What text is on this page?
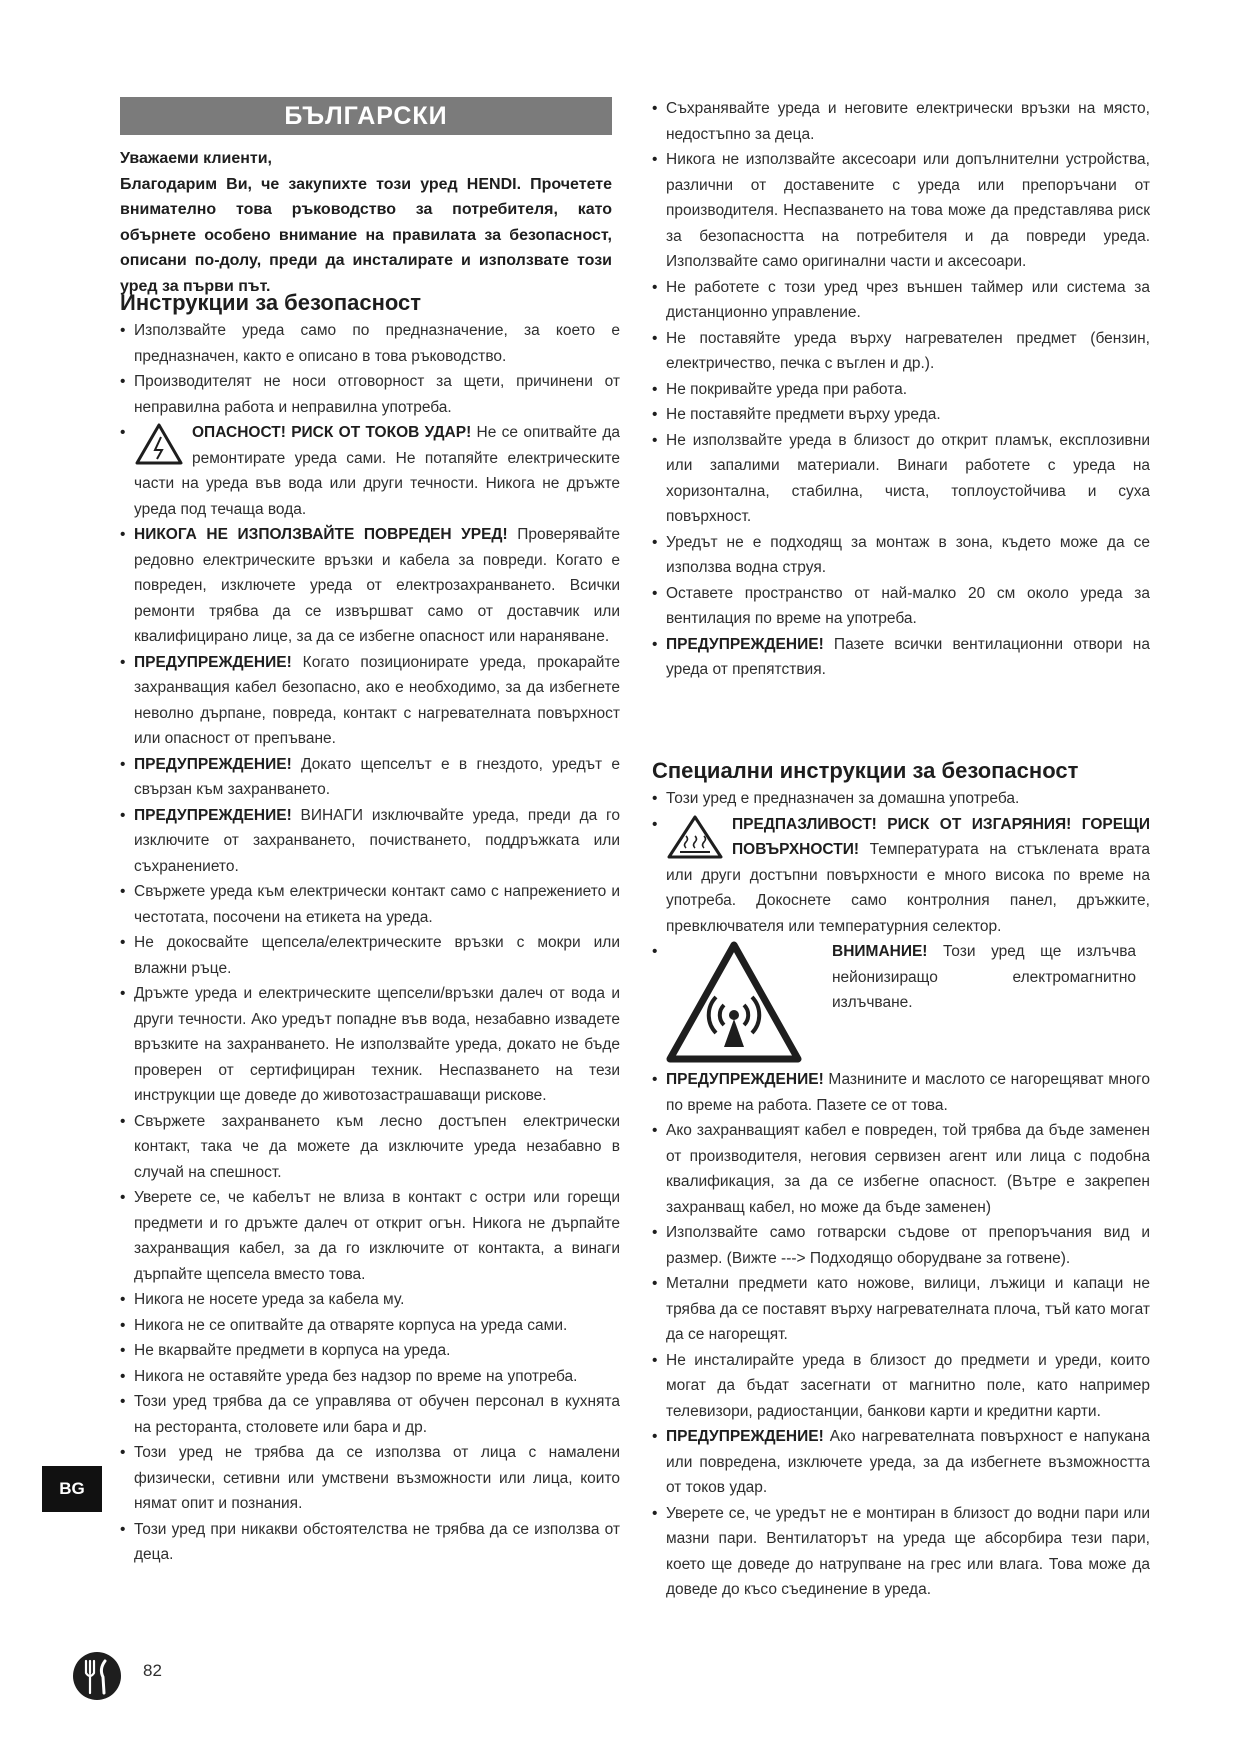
БЪЛГАРСКИ

Уважаеми клиенти,

Благодарим Ви, че закупихте този уред HENDI. Прочетете внимателно това ръководство за потребителя, като обърнете особено внимание на правилата за безопасност, описани по-долу, преди да инсталирате и използвате този уред за първи път.

Инструкции за безопасност
• Използвайте уреда само по предназначение, за което е предназначен, както е описано в това ръководство.
• Производителят не носи отговорност за щети, причинени от неправилна работа и неправилна употреба.
• ОПАСНОСТ! РИСК ОТ ТОКОВ УДАР! Не се опитвайте да ремонтирате уреда сами. Не потапяйте електрическите части на уреда във вода или други течности. Никога не дръжте уреда под течаща вода.
• НИКОГА НЕ ИЗПОЛЗВАЙТЕ ПОВРЕДЕН УРЕД! Проверявайте редовно електрическите връзки и кабела за повреди. Когато е повреден, изключете уреда от електрозахранването. Всички ремонти трябва да се извършват само от доставчик или квалифицирано лице, за да се избегне опасност или нараняване.
• ПРЕДУПРЕЖДЕНИЕ! Когато позиционирате уреда, прокарайте захранващия кабел безопасно, ако е необходимо, за да избегнете неволно дърпане, повреда, контакт с нагревателната повърхност или опасност от препъване.
• ПРЕДУПРЕЖДЕНИЕ! Докато щепселът е в гнездото, уредът е свързан към захранването.
• ПРЕДУПРЕЖДЕНИЕ! ВИНАГИ изключвайте уреда, преди да го изключите от захранването, почистването, поддръжката или съхранението.
• Свържете уреда към електрически контакт само с напрежението и честотата, посочени на етикета на уреда.
• Не докосвайте щепсела/електрическите връзки с мокри или влажни ръце.
• Дръжте уреда и електрическите щепсели/връзки далеч от вода и други течности. Ако уредът попадне във вода, незабавно извадете връзките на захранването. Не използвайте уреда, докато не бъде проверен от сертифициран техник. Неспазването на тези инструкции ще доведе до животозастрашаващи рискове.
• Свържете захранването към лесно достъпен електрически контакт, така че да можете да изключите уреда незабавно в случай на спешност.
• Уверете се, че кабелът не влиза в контакт с остри или горещи предмети и го дръжте далеч от открит огън. Никога не дърпайте захранващия кабел, за да го изключите от контакта, а винаги дърпайте щепсела вместо това.
• Никога не носете уреда за кабела му.
• Никога не се опитвайте да отваряте корпуса на уреда сами.
• Не вкарвайте предмети в корпуса на уреда.
• Никога не оставяйте уреда без надзор по време на употреба.
• Този уред трябва да се управлява от обучен персонал в кухнята на ресторанта, столовете или бара и др.
• Този уред не трябва да се използва от лица с намалени физически, сетивни или умствени възможности или лица, които нямат опит и познания.
• Този уред при никакви обстоятелства не трябва да се използва от деца.
• Съхранявайте уреда и неговите електрически връзки на място, недостъпно за деца.
• Никога не използвайте аксесоари или допълнителни устройства, различни от доставените с уреда или препоръчани от производителя. Неспазването на това може да представлява риск за безопасността на потребителя и да повреди уреда. Използвайте само оригинални части и аксесоари.
• Не работете с този уред чрез външен таймер или система за дистанционно управление.
• Не поставяйте уреда върху нагревателен предмет (бензин, електричество, печка с въглен и др.).
• Не покривайте уреда при работа.
• Не поставяйте предмети върху уреда.
• Не използвайте уреда в близост до открит пламък, експлозивни или запалими материали. Винаги работете с уреда на хоризонтална, стабилна, чиста, топлоустойчива и суха повърхност.
• Уредът не е подходящ за монтаж в зона, където може да се използва водна струя.
• Оставете пространство от най-малко 20 см около уреда за вентилация по време на употреба.
• ПРЕДУПРЕЖДЕНИЕ! Пазете всички вентилационни отвори на уреда от препятствия.
Специални инструкции за безопасност
• Този уред е предназначен за домашна употреба.
• ПРЕДПАЗЛИВОСТ! РИСК ОТ ИЗГАРЯНИЯ! ГОРЕЩИ ПОВЪРХНОСТИ! Температурата на стъклената врата или други достъпни повърхности е много висока по време на употреба. Докоснете само контролния панел, дръжките, превключвателя или температурния селектор.
• ВНИМАНИЕ! Този уред ще излъчва нейонизиращо електромагнитно излъчване.
• ПРЕДУПРЕЖДЕНИЕ! Мазнините и маслото се нагорещяват много по време на работа. Пазете се от това.
• Ако захранващият кабел е повреден, той трябва да бъде заменен от производителя, неговия сервизен агент или лица с подобна квалификация, за да се избегне опасност. (Вътре е закрепен захранващ кабел, но може да бъде заменен)
• Използвайте само готварски съдове от препоръчания вид и размер. (Вижте ---> Подходящо оборудване за готвене).
• Метални предмети като ножове, вилици, лъжици и капаци не трябва да се поставят върху нагревателната плоча, тъй като могат да се нагорещят.
• Не инсталирайте уреда в близост до предмети и уреди, които могат да бъдат засегнати от магнитно поле, като например телевизори, радиостанции, банкови карти и кредитни карти.
• ПРЕДУПРЕЖДЕНИЕ! Ако нагревателната повърхност е напукана или повредена, изключете уреда, за да избегнете възможността от токов удар.
• Уверете се, че уредът не е монтиран в близост до водни пари или мазни пари. Вентилаторът на уреда ще абсорбира тези пари, което ще доведе до натрупване на грес или влага. Това може да доведе до късо съединение в уреда.
BG
82
